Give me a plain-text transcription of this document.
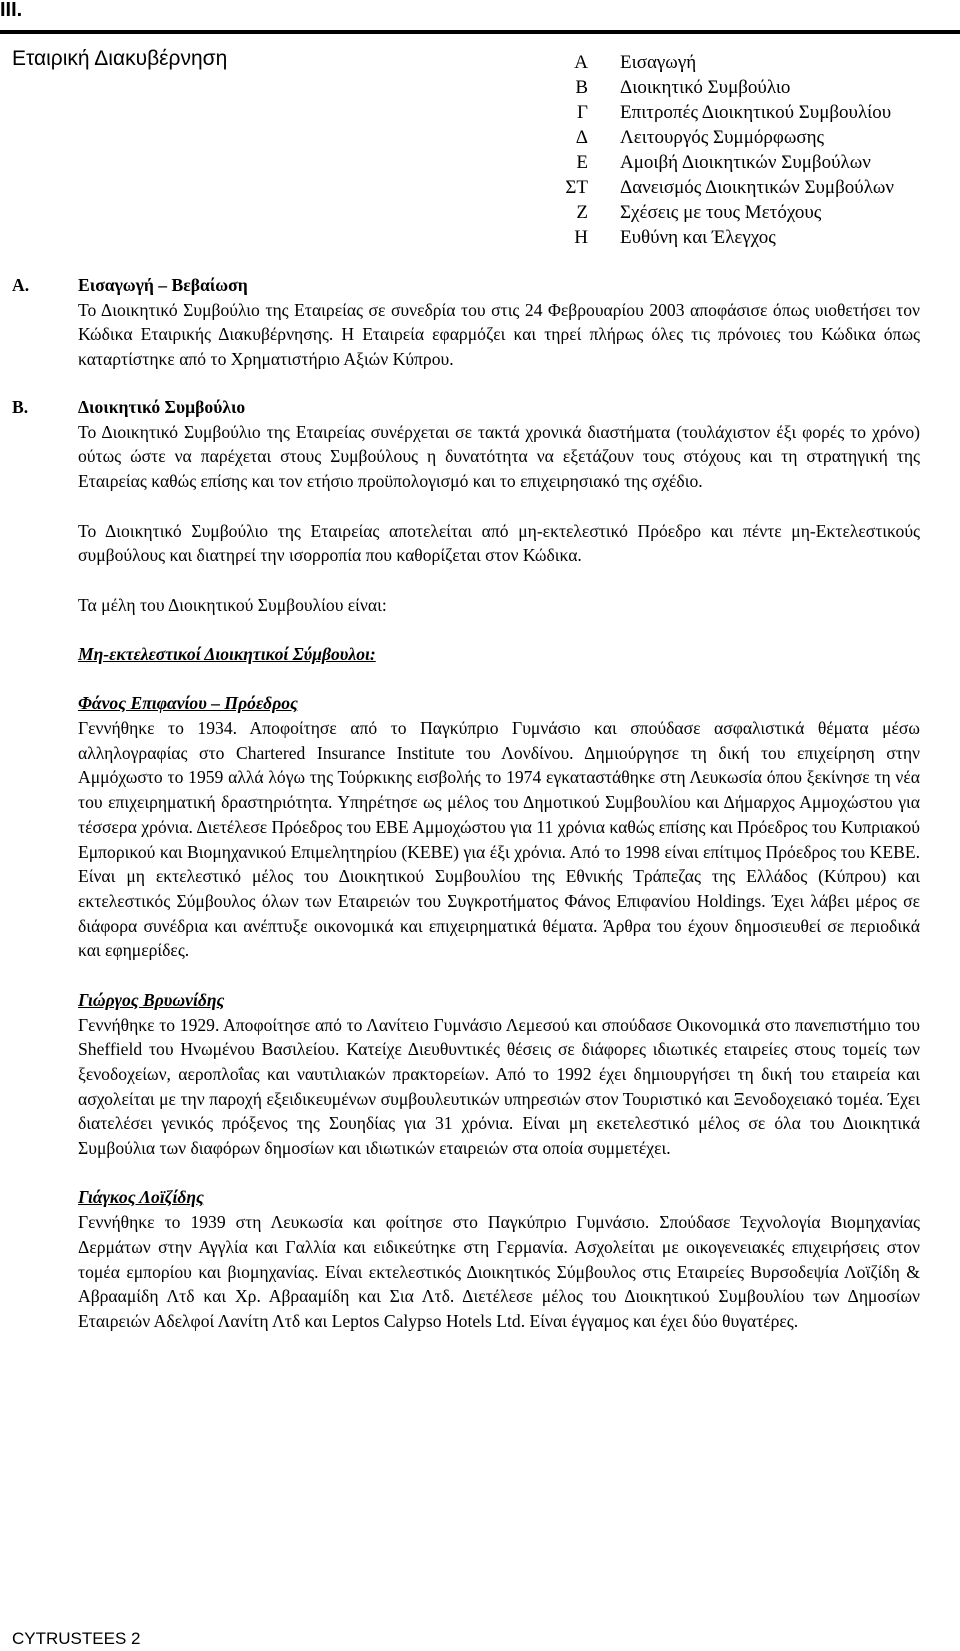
III.
Εταιρική Διακυβέρνηση	Α Εισαγωγή
Β Διοικητικό Συμβούλιο
Γ Επιτροπές Διοικητικού Συμβουλίου
Δ Λειτουργός Συμμόρφωσης
Ε Αμοιβή Διοικητικών Συμβούλων
ΣΤ Δανεισμός Διοικητικών Συμβούλων
Ζ Σχέσεις με τους Μετόχους
Η Ευθύνη και Έλεγχος
Α.	Εισαγωγή – Βεβαίωση

Το Διοικητικό Συμβούλιο της Εταιρείας σε συνεδρία του στις 24 Φεβρουαρίου 2003 αποφάσισε όπως υιοθετήσει τον Κώδικα Εταιρικής Διακυβέρνησης. Η Εταιρεία εφαρμόζει και τηρεί πλήρως όλες τις πρόνοιες του Κώδικα όπως καταρτίστηκε από το Χρηματιστήριο Αξιών Κύπρου.

Β.	Διοικητικό Συμβούλιο

Το Διοικητικό Συμβούλιο της Εταιρείας συνέρχεται σε τακτά χρονικά διαστήματα (τουλάχιστον έξι φορές το χρόνο) ούτως ώστε να παρέχεται στους Συμβούλους η δυνατότητα να εξετάζουν τους στόχους και τη στρατηγική της Εταιρείας καθώς επίσης και τον ετήσιο προϋπολογισμό και το επιχειρησιακό της σχέδιο.

Το Διοικητικό Συμβούλιο της Εταιρείας αποτελείται από μη-εκτελεστικό Πρόεδρο και πέντε μη-Εκτελεστικούς συμβούλους και διατηρεί την ισορροπία που καθορίζεται στον Κώδικα.

Τα μέλη του Διοικητικού Συμβουλίου είναι:

Μη-εκτελεστικοί Διοικητικοί Σύμβουλοι:
Φάνος Επιφανίου – Πρόεδρος

Γεννήθηκε το 1934. Αποφοίτησε από το Παγκύπριο Γυμνάσιο και σπούδασε ασφαλιστικά θέματα μέσω αλληλογραφίας στο Chartered Insurance Institute του Λονδίνου. Δημιούργησε τη δική του επιχείρηση στην Αμμόχωστο το 1959 αλλά λόγω της Τούρκικης εισβολής το 1974 εγκαταστάθηκε στη Λευκωσία όπου ξεκίνησε τη νέα του επιχειρηματική δραστηριότητα. Υπηρέτησε ως μέλος του Δημοτικού Συμβουλίου και Δήμαρχος Αμμοχώστου για τέσσερα χρόνια. Διετέλεσε Πρόεδρος του ΕΒΕ Αμμοχώστου για 11 χρόνια καθώς επίσης και Πρόεδρος του Κυπριακού Εμπορικού και Βιομηχανικού Επιμελητηρίου (ΚΕΒΕ) για έξι χρόνια. Από το 1998 είναι επίτιμος Πρόεδρος του ΚΕΒΕ. Είναι μη εκτελεστικό μέλος του Διοικητικού Συμβουλίου της Εθνικής Τράπεζας της Ελλάδος (Κύπρου) και εκτελεστικός Σύμβουλος όλων των Εταιρειών του Συγκροτήματος Φάνος Επιφανίου Holdings. Έχει λάβει μέρος σε διάφορα συνέδρια και ανέπτυξε οικονομικά και επιχειρηματικά θέματα. Άρθρα του έχουν δημοσιευθεί σε περιοδικά και εφημερίδες.

Γιώργος Βρυωνίδης

Γεννήθηκε το 1929. Αποφοίτησε από το Λανίτειο Γυμνάσιο Λεμεσού και σπούδασε Οικονομικά στο πανεπιστήμιο του Sheffield του Ηνωμένου Βασιλείου. Κατείχε Διευθυντικές θέσεις σε διάφορες ιδιωτικές εταιρείες στους τομείς των ξενοδοχείων, αεροπλοΐας και ναυτιλιακών πρακτορείων. Από το 1992 έχει δημιουργήσει τη δική του εταιρεία και ασχολείται με την παροχή εξειδικευμένων συμβουλευτικών υπηρεσιών στον Τουριστικό και Ξενοδοχειακό τομέα. Έχει διατελέσει γενικός πρόξενος της Σουηδίας για 31 χρόνια. Είναι μη εκετελεστικό μέλος σε όλα του Διοικητικά Συμβούλια των διαφόρων δημοσίων και ιδιωτικών εταιρειών στα οποία συμμετέχει.

Γιάγκος Λοϊζίδης

Γεννήθηκε το 1939 στη Λευκωσία και φοίτησε στο Παγκύπριο Γυμνάσιο. Σπούδασε Τεχνολογία Βιομηχανίας Δερμάτων στην Αγγλία και Γαλλία και ειδικεύτηκε στη Γερμανία. Ασχολείται με οικογενειακές επιχειρήσεις στον τομέα εμπορίου και βιομηχανίας. Είναι εκτελεστικός Διοικητικός Σύμβουλος στις Εταιρείες Βυρσοδεψία Λοϊζίδη & Αβρααμίδη Λτδ και Χρ. Αβρααμίδη και Σια Λτδ. Διετέλεσε μέλος του Διοικητικού Συμβουλίου των Δημοσίων Εταιρειών Αδελφοί Λανίτη Λτδ και Leptos Calypso Hotels Ltd. Είναι έγγαμος και έχει δύο θυγατέρες.

CYTRUSTEES 2
